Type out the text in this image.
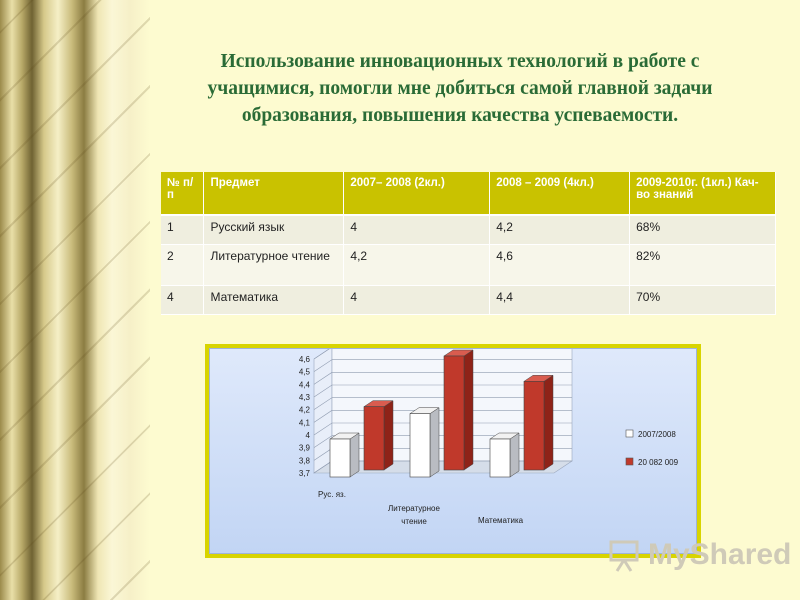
Использование инновационных технологий в работе с
учащимися, помогли мне добиться самой главной задачи
образования, повышения качества успеваемости.
№ п/п	Предмет	2007– 2008 (2кл.)	2008 – 2009 (4кл.)	2009-2010г. (1кл.) Кач- во знаний
1	Русский язык	4	4,2	68%
2	Литературное чтение	4,2	4,6	82%
4	Математика	4	4,4	70%
3,7
3,8
3,9
4
4,1
4,2
4,3
4,4
4,5
4,6
Рус. яз.
Литературное
чтение	Математика
2007/2008
20 082 009
MyShared
